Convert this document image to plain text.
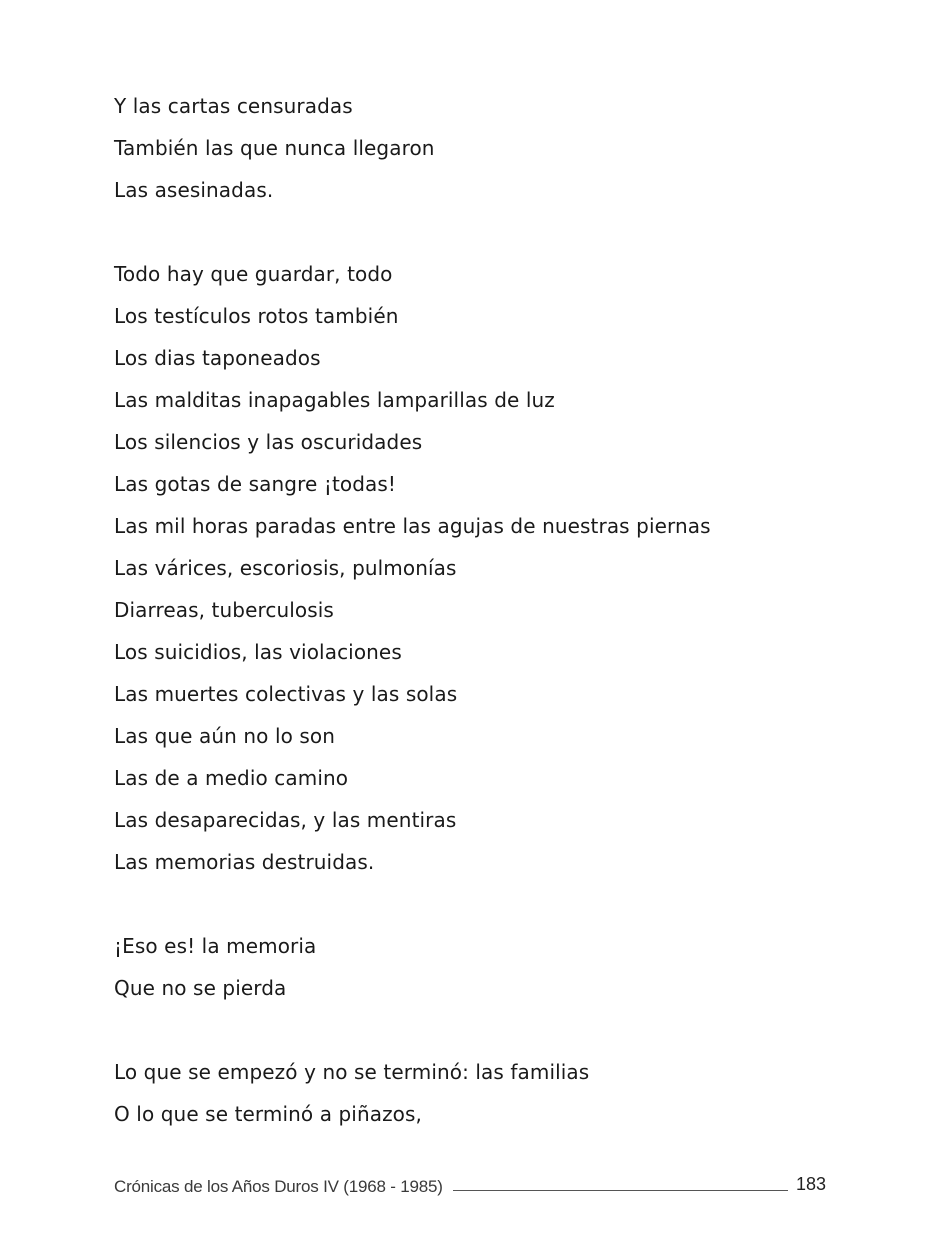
Y las cartas censuradas
También las que nunca llegaron
Las asesinadas.
Todo hay que guardar, todo
Los testículos rotos también
Los dias taponeados
Las malditas inapagables lamparillas de luz
Los silencios y las oscuridades
Las gotas de sangre ¡todas!
Las mil horas paradas entre las agujas de nuestras piernas
Las várices, escoriosis, pulmonías
Diarreas, tuberculosis
Los suicidios, las violaciones
Las muertes colectivas y las solas
Las que aún no lo son
Las de a medio camino
Las desaparecidas, y las mentiras
Las memorias destruidas.
¡Eso es! la memoria
Que no se pierda
Lo que se empezó y no se terminó: las familias
O lo que se terminó a piñazos,
Crónicas de los Años Duros IV (1968 - 1985)	183
